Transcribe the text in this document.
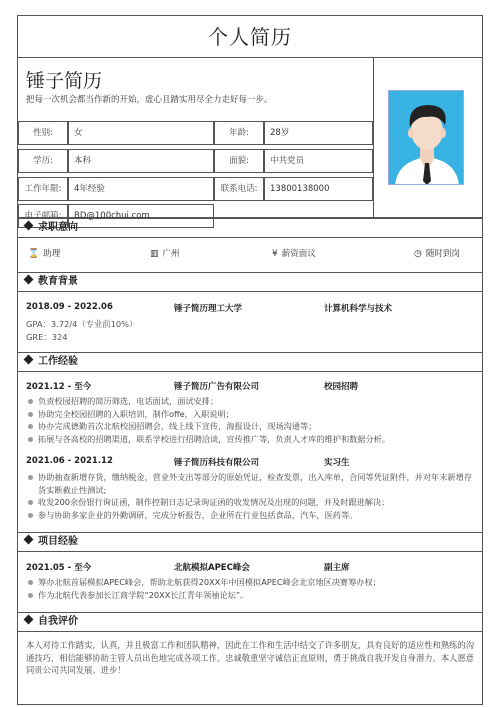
个人简历
锤子简历
把每一次机会都当作新的开始，虚心且踏实用尽全力走好每一步。
性别:	女	年龄:	28岁
学历:	本科	面貌:	中共党员
工作年限:	4年经验	联系电话:	13800138000
电子邮箱:	BD@100chui.com
求职意向
⌛ 助理	▥ 广州	¥ 薪资面议	◷ 随时到岗
教育背景
2018.09 - 2022.06	锤子简历理工大学	计算机科学与技术
GPA：3.72/4（专业前10%）
GRE：324
工作经验
2021.12 - 至今	锤子简历广告有限公司	校园招聘
负责校园招聘的简历筛选，电话面试，面试安排；
协助完全校园招聘的入职培训，制作offe，入职说明；
协办完成德勤首次北航校园招聘会，线上线下宣传，海报设计，现场沟通等；
拓展与各高校的招聘渠道，联系学校进行招聘洽谈，宣传推广等，负责人才库的维护和数据分析。
2021.06 - 2021.12	锤子简历科技有限公司	实习生
协助抽查新增存货，缴纳税金，营业外支出等部分的原始凭证，检查发票，出入库单，合同等凭证附件，并对年末新增存货实断截止性测试;
收发200余份银行询证函，制作控制日志记录询证函的收发情况及出现的问题，并及时跟进解决；
参与协助多家企业的外勤调研，完成分析报告，企业所在行业包括食品，汽车，医药等。
项目经验
2021.05 - 至今	北航模拟APEC峰会	副主席
筹办北航首届模拟APEC峰会，帮助北航获得20XX年中国模拟APEC峰会北京地区决赛筹办权；
作为北航代表参加长江商学院“20XX长江青年领袖论坛”。
自我评价
本人对待工作踏实，认真，并且极富工作和团队精神，因此在工作和生活中结交了许多朋友，具有良好的适应性和熟练的沟通技巧，相信能够协助主管人员出色地完成各项工作。忠诚敬重坚守诚信正直原则，勇于挑战自我开发自身潜力。本人愿意同贵公司共同发展、进步！
